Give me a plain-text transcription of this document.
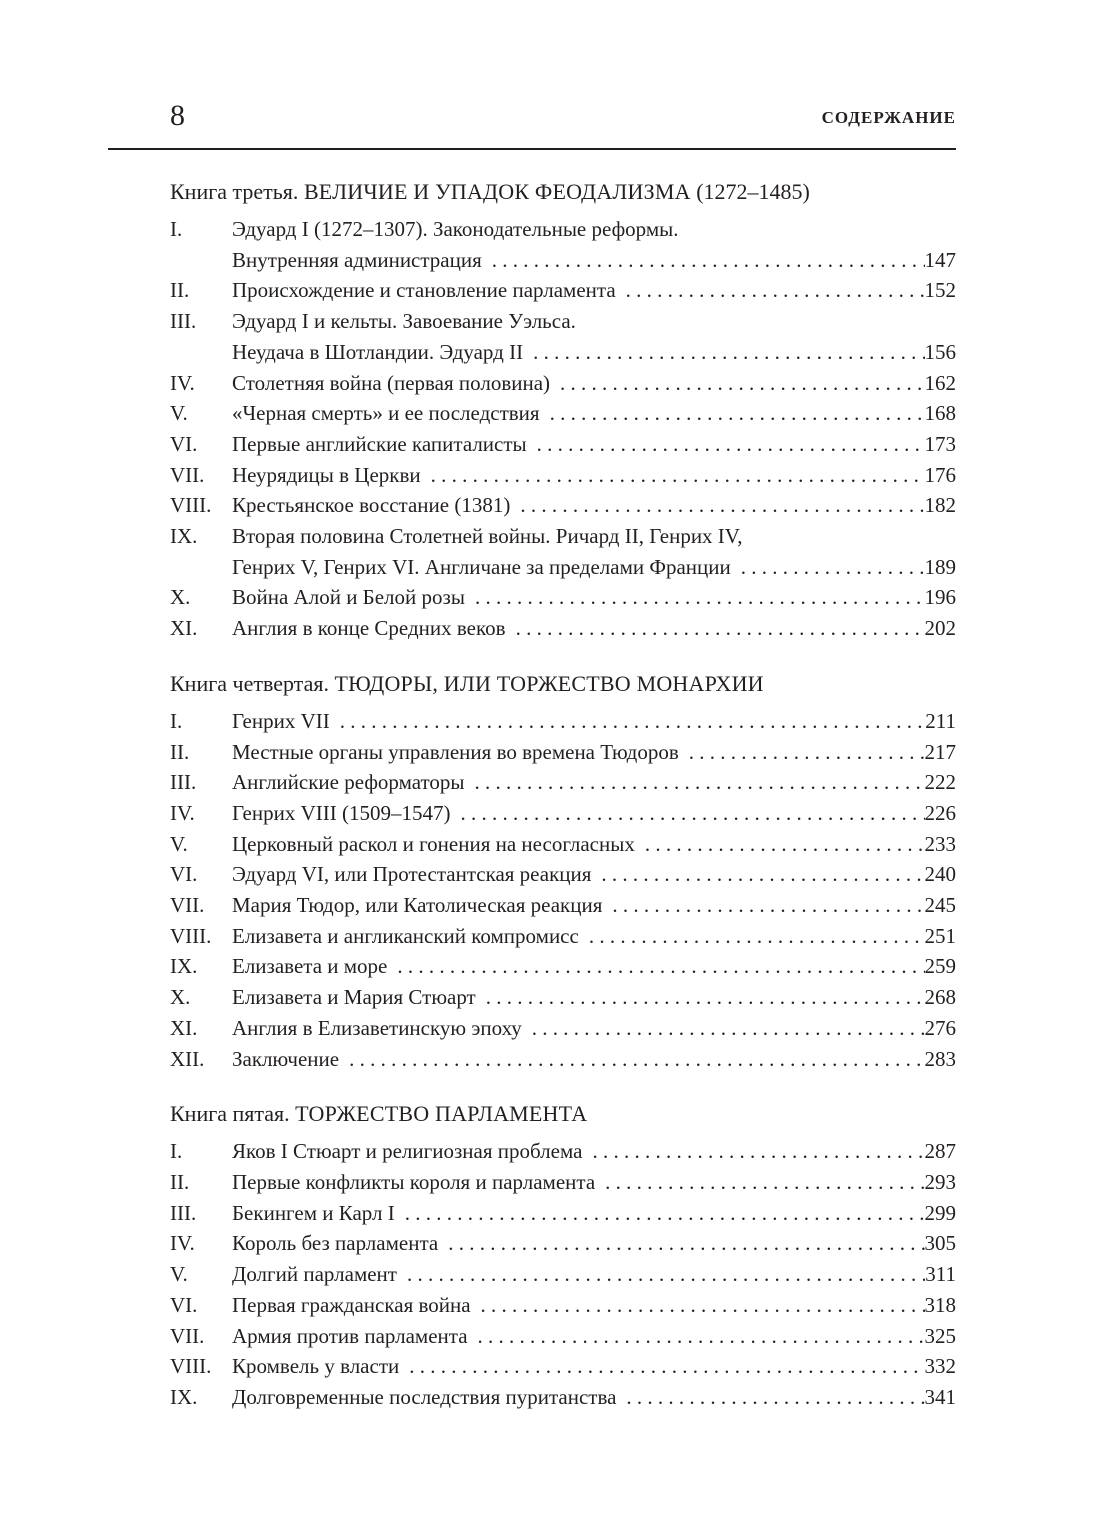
8	СОДЕРЖАНИЕ
Книга третья. ВЕЛИЧИЕ И УПАДОК ФЕОДАЛИЗМА (1272–1485)
I.	Эдуард I (1272–1307). Законодательные реформы.
Внутренняя администрация . . .	147
II.	Происхождение и становление парламента . . .	152
III.	Эдуард I и кельты. Завоевание Уэльса.
Неудача в Шотландии. Эдуард II . . .	156
IV.	Столетняя война (первая половина) . . .	162
V.	«Черная смерть» и ее последствия . . .	168
VI.	Первые английские капиталисты . . .	173
VII.	Неурядицы в Церкви . . .	176
VIII. Крестьянское восстание (1381) . . .	182
IX.	Вторая половина Столетней войны. Ричард II, Генрих IV,
Генрих V, Генрих VI. Англичане за пределами Франции . . .	189
X.	Война Алой и Белой розы . . .	196
XI.	Англия в конце Средних веков . . .	202
Книга четвертая. ТЮДОРЫ, ИЛИ ТОРЖЕСТВО МОНАРХИИ
I.	Генрих VII . . .	211
II.	Местные органы управления во времена Тюдоров . . .	217
III.	Английские реформаторы . . .	222
IV.	Генрих VIII (1509–1547) . . .	226
V.	Церковный раскол и гонения на несогласных . . .	233
VI.	Эдуард VI, или Протестантская реакция . . .	240
VII.	Мария Тюдор, или Католическая реакция . . .	245
VIII. Елизавета и англиканский компромисс . . .	251
IX.	Елизавета и море . . .	259
X.	Елизавета и Мария Стюарт . . .	268
XI.	Англия в Елизаветинскую эпоху . . .	276
XII.	Заключение . . .	283
Книга пятая. ТОРЖЕСТВО ПАРЛАМЕНТА
I.	Яков I Стюарт и религиозная проблема . . .	287
II.	Первые конфликты короля и парламента . . .	293
III.	Бекингем и Карл I . . .	299
IV.	Король без парламента . . .	305
V.	Долгий парламент . . .	311
VI.	Первая гражданская война . . .	318
VII.	Армия против парламента . . .	325
VIII. Кромвель у власти . . .	332
IX.	Долговременные последствия пуританства . . .	341
